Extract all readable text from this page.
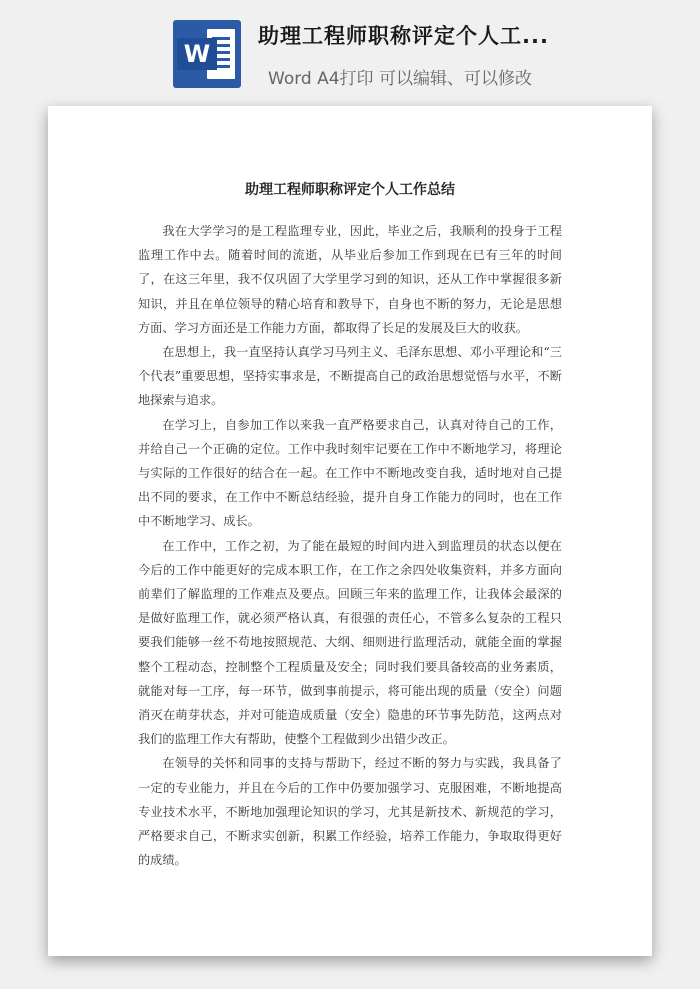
W
助理工程师职称评定个人工...
Word A4打印 可以编辑、可以修改
助理工程师职称评定个人工作总结

我在大学学习的是工程监理专业，因此，毕业之后，我顺利的投身于工程监理工作中去。随着时间的流逝，从毕业后参加工作到现在已有三年的时间了，在这三年里，我不仅巩固了大学里学习到的知识，还从工作中掌握很多新知识，并且在单位领导的精心培育和教导下，自身也不断的努力，无论是思想方面、学习方面还是工作能力方面，都取得了长足的发展及巨大的收获。

在思想上，我一直坚持认真学习马列主义、毛泽东思想、邓小平理论和“三个代表”重要思想，坚持实事求是，不断提高自己的政治思想觉悟与水平，不断地探索与追求。

在学习上，自参加工作以来我一直严格要求自己，认真对待自己的工作，并给自己一个正确的定位。工作中我时刻牢记要在工作中不断地学习，将理论与实际的工作很好的结合在一起。在工作中不断地改变自我，适时地对自己提出不同的要求，在工作中不断总结经验，提升自身工作能力的同时，也在工作中不断地学习、成长。

在工作中，工作之初，为了能在最短的时间内进入到监理员的状态以便在今后的工作中能更好的完成本职工作，在工作之余四处收集资料，并多方面向前辈们了解监理的工作难点及要点。回顾三年来的监理工作，让我体会最深的是做好监理工作，就必须严格认真，有很强的责任心，不管多么复杂的工程只要我们能够一丝不苟地按照规范、大纲、细则进行监理活动，就能全面的掌握整个工程动态，控制整个工程质量及安全；同时我们要具备较高的业务素质，就能对每一工序，每一环节，做到事前提示，将可能出现的质量（安全）问题消灭在萌芽状态，并对可能造成质量（安全）隐患的环节事先防范，这两点对我们的监理工作大有帮助，使整个工程做到少出错少改正。

在领导的关怀和同事的支持与帮助下，经过不断的努力与实践，我具备了一定的专业能力，并且在今后的工作中仍要加强学习、克服困难，不断地提高专业技术水平，不断地加强理论知识的学习，尤其是新技术、新规范的学习，严格要求自己，不断求实创新，积累工作经验，培养工作能力，争取取得更好的成绩。
